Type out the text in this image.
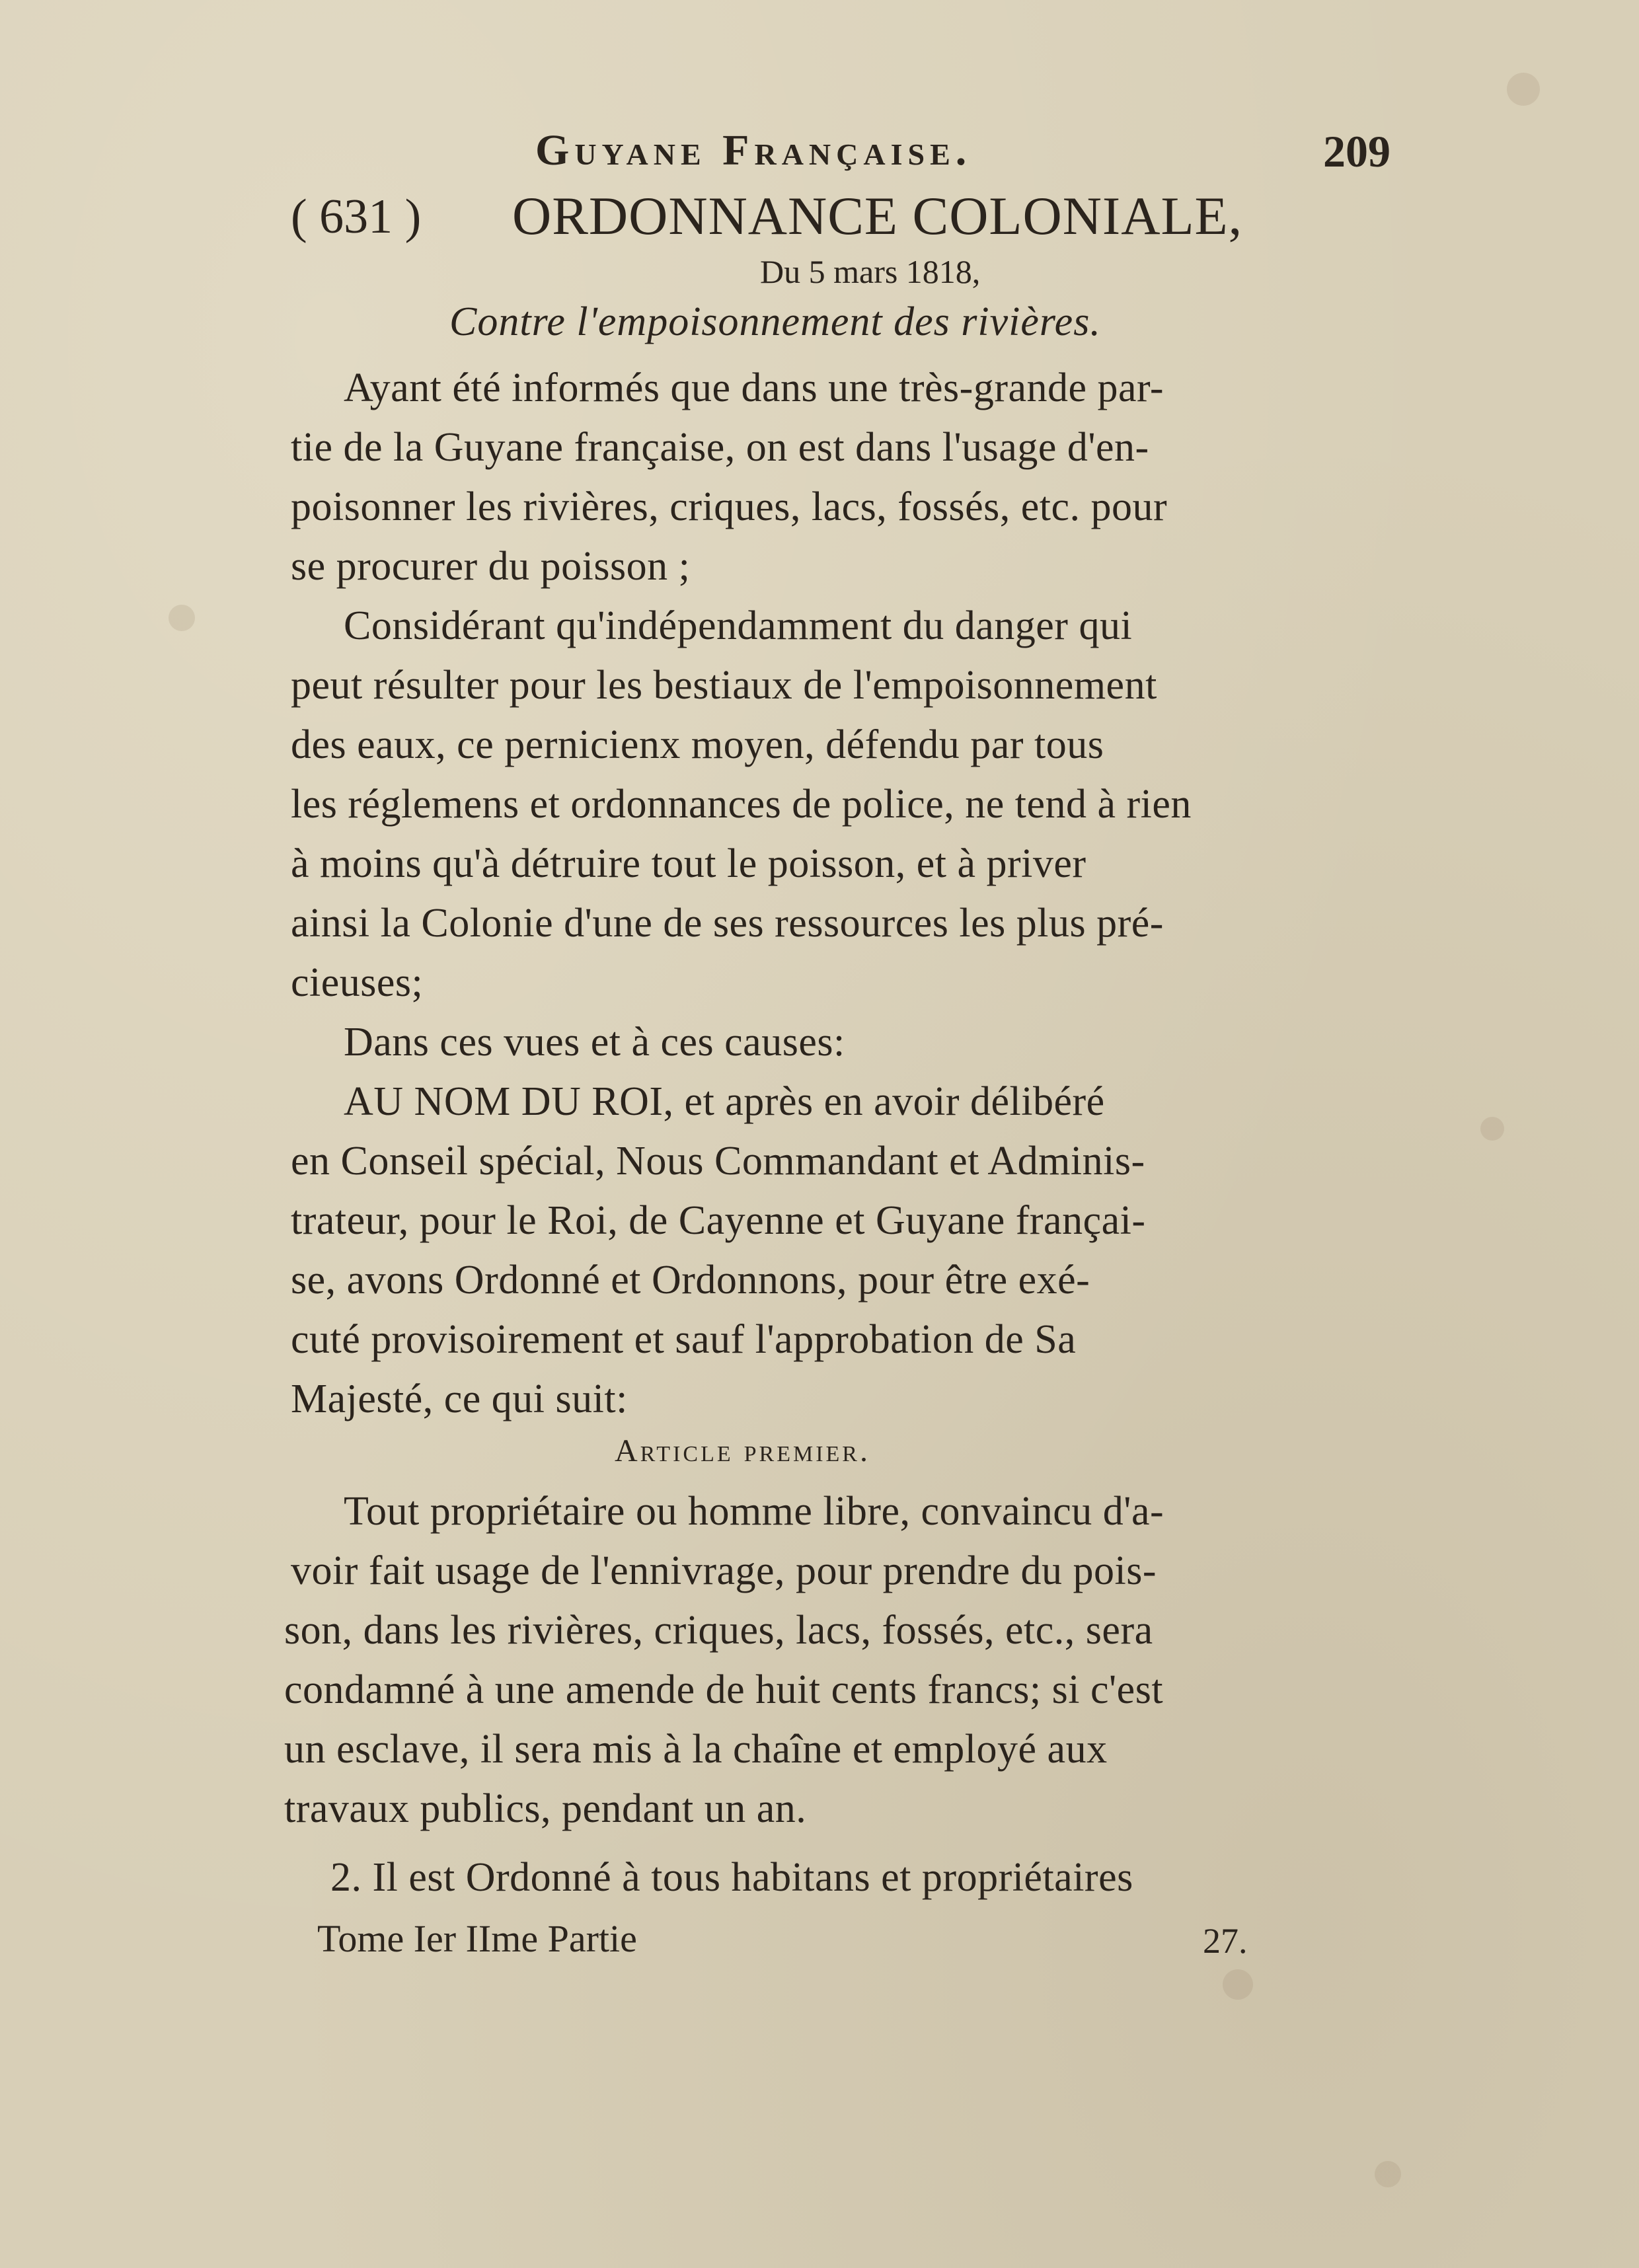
Guyane Française.	209
( 631 ) ORDONNANCE COLONIALE,
Du 5 mars 1818,
Contre l'empoisonnement des rivières.
Ayant été informés que dans une très-grande par-
tie de la Guyane française, on est dans l'usage d'en-
poisonner les rivières, criques, lacs, fossés, etc. pour
se procurer du poisson ;
Considérant qu'indépendamment du danger qui
peut résulter pour les bestiaux de l'empoisonnement
des eaux, ce pernicienx moyen, défendu par tous
les réglemens et ordonnances de police, ne tend à rien
à moins qu'à détruire tout le poisson, et à priver
ainsi la Colonie d'une de ses ressources les plus pré-
cieuses;
Dans ces vues et à ces causes:
AU NOM DU ROI, et après en avoir délibéré
en Conseil spécial, Nous Commandant et Adminis-
trateur, pour le Roi, de Cayenne et Guyane françai-
se, avons Ordonné et Ordonnons, pour être exé-
cuté provisoirement et sauf l'approbation de Sa
Majesté, ce qui suit:
Article premier.
Tout propriétaire ou homme libre, convaincu d'a-
voir fait usage de l'ennivrage, pour prendre du pois-
son, dans les rivières, criques, lacs, fossés, etc., sera
condamné à une amende de huit cents francs; si c'est
un esclave, il sera mis à la chaîne et employé aux
travaux publics, pendant un an.
2. Il est Ordonné à tous habitans et propriétaires
Tome Ier IIme Partie	27.
